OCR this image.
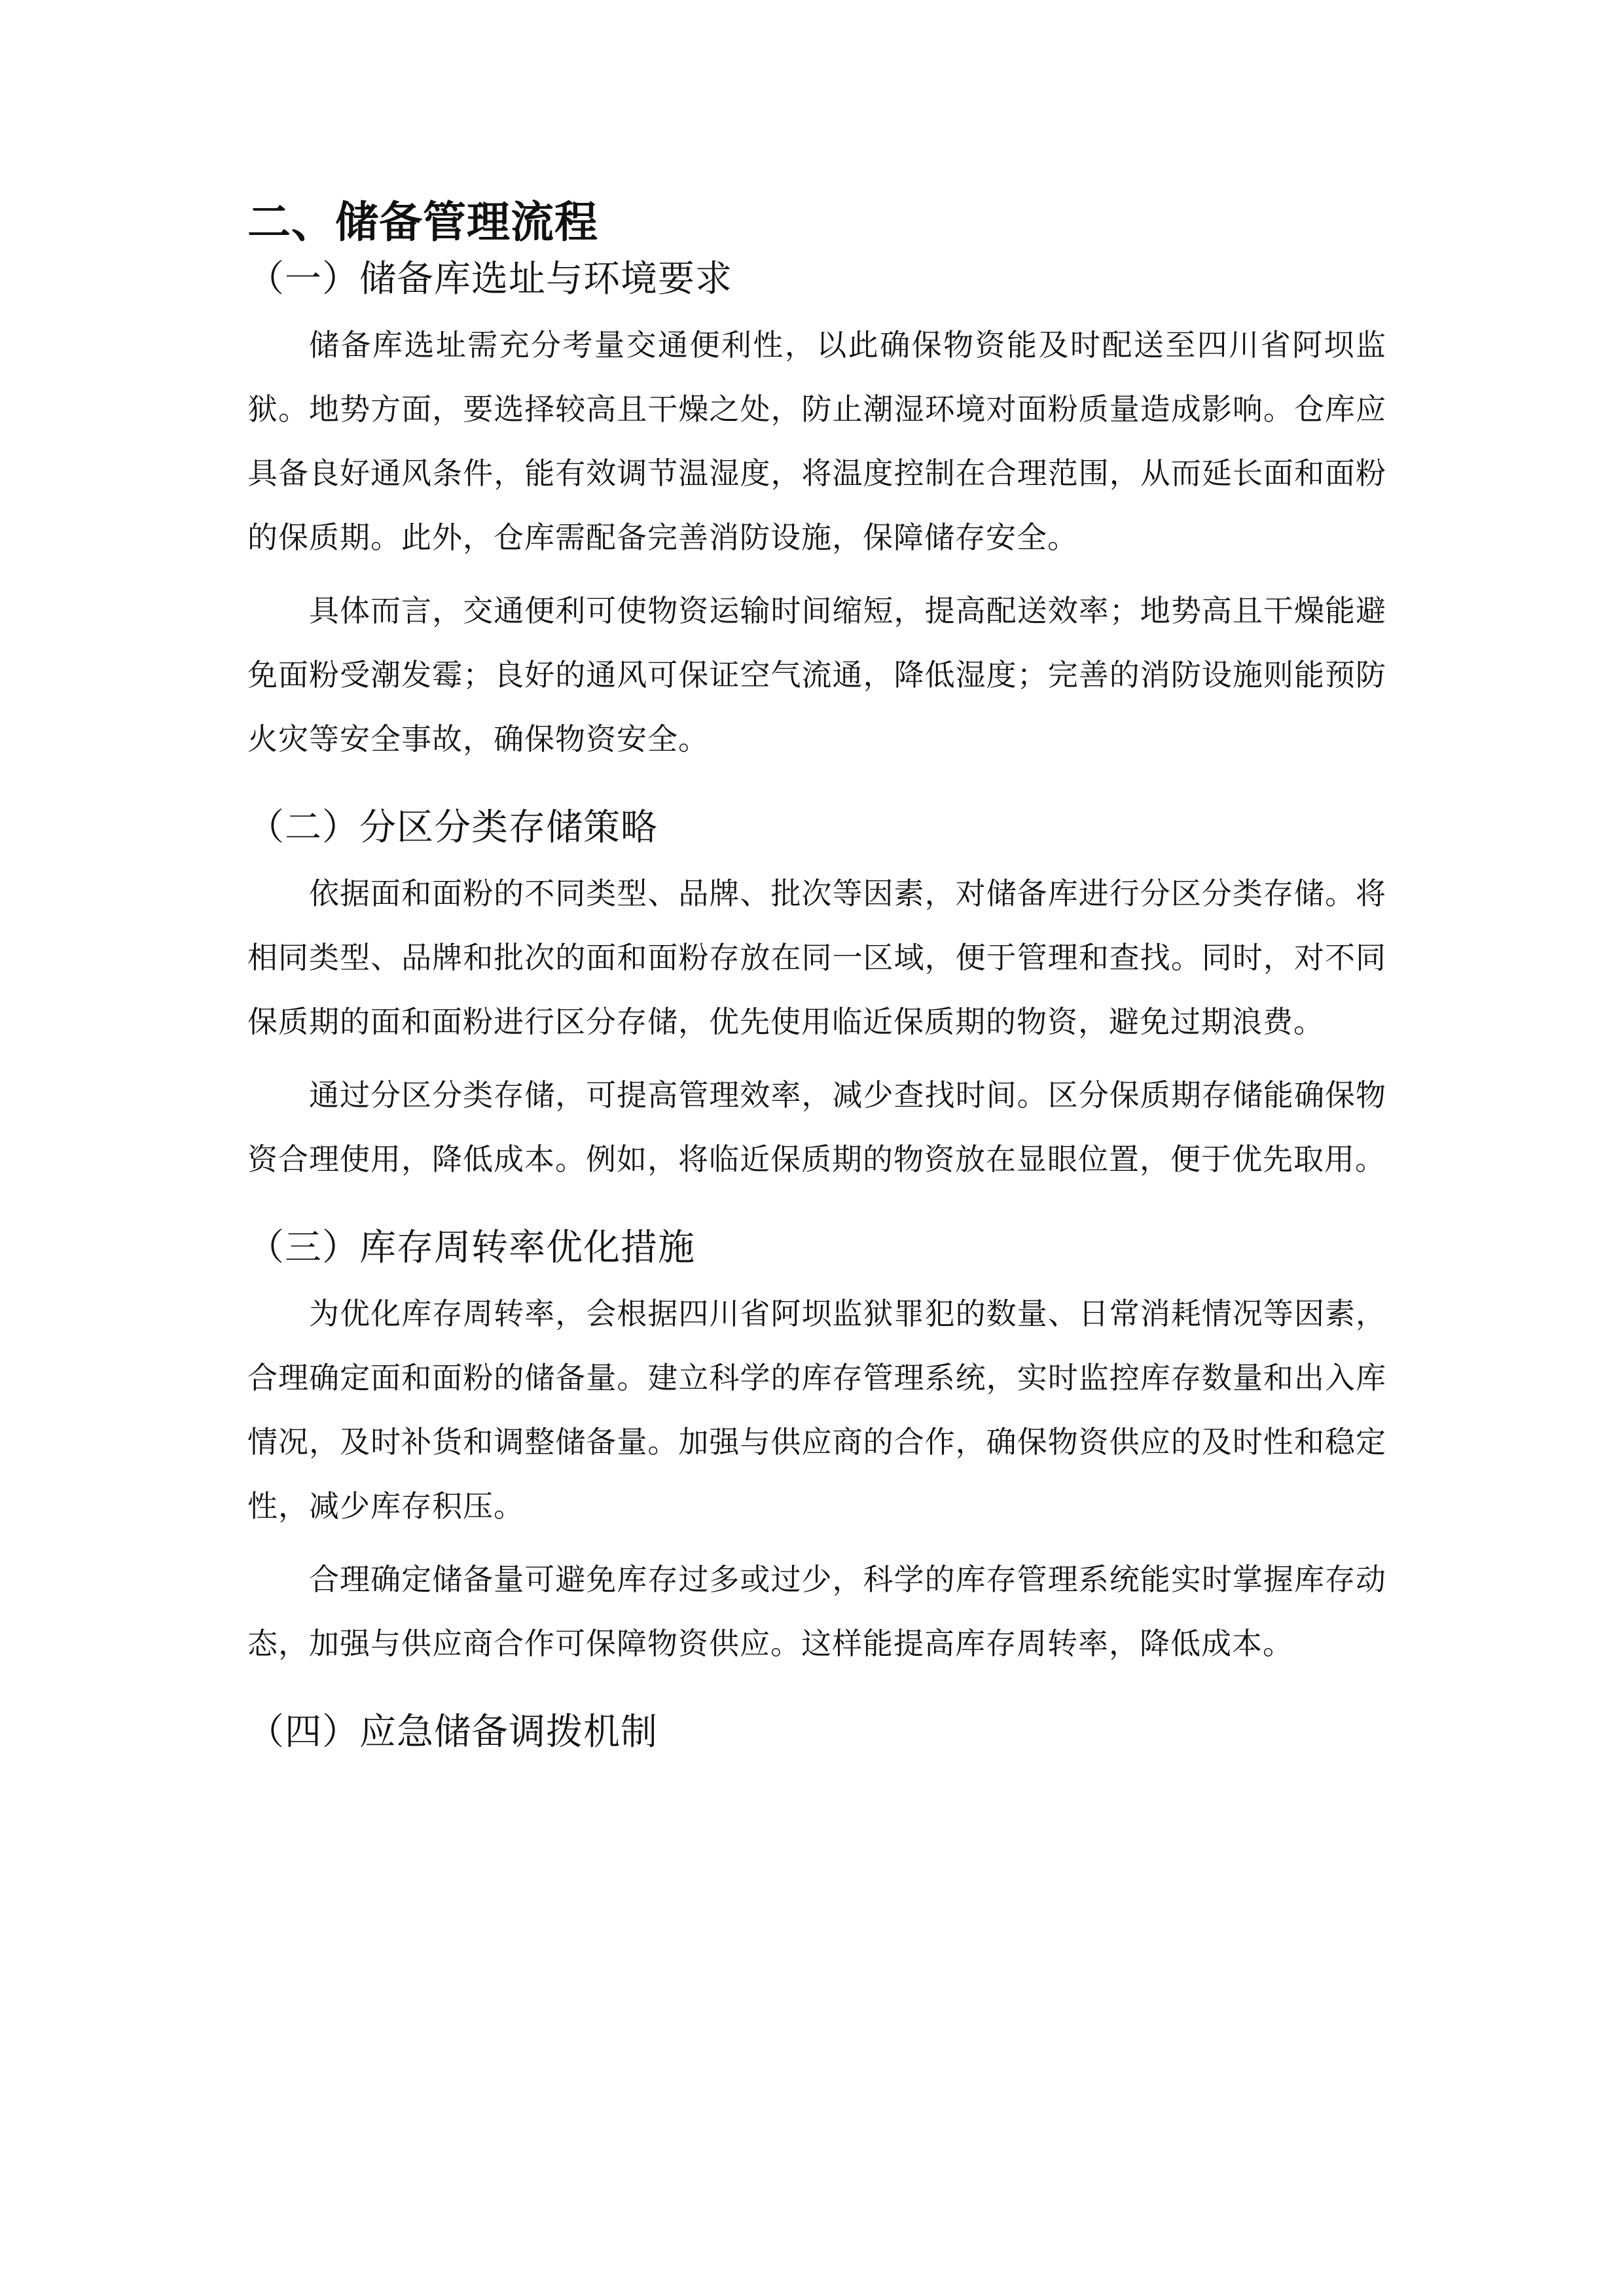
二、储备管理流程
（一）储备库选址与环境要求

储备库选址需充分考量交通便利性，以此确保物资能及时配送至四川省阿坝监狱。地势方面，要选择较高且干燥之处，防止潮湿环境对面粉质量造成影响。仓库应具备良好通风条件，能有效调节温湿度，将温度控制在合理范围，从而延长面和面粉的保质期。此外，仓库需配备完善消防设施，保障储存安全。

具体而言，交通便利可使物资运输时间缩短，提高配送效率；地势高且干燥能避免面粉受潮发霉；良好的通风可保证空气流通，降低湿度；完善的消防设施则能预防火灾等安全事故，确保物资安全。

（二）分区分类存储策略

依据面和面粉的不同类型、品牌、批次等因素，对储备库进行分区分类存储。将相同类型、品牌和批次的面和面粉存放在同一区域，便于管理和查找。同时，对不同保质期的面和面粉进行区分存储，优先使用临近保质期的物资，避免过期浪费。

通过分区分类存储，可提高管理效率，减少查找时间。区分保质期存储能确保物资合理使用，降低成本。例如，将临近保质期的物资放在显眼位置，便于优先取用。

（三）库存周转率优化措施

为优化库存周转率，会根据四川省阿坝监狱罪犯的数量、日常消耗情况等因素，合理确定面和面粉的储备量。建立科学的库存管理系统，实时监控库存数量和出入库情况，及时补货和调整储备量。加强与供应商的合作，确保物资供应的及时性和稳定性，减少库存积压。

合理确定储备量可避免库存过多或过少，科学的库存管理系统能实时掌握库存动态，加强与供应商合作可保障物资供应。这样能提高库存周转率，降低成本。

（四）应急储备调拨机制
